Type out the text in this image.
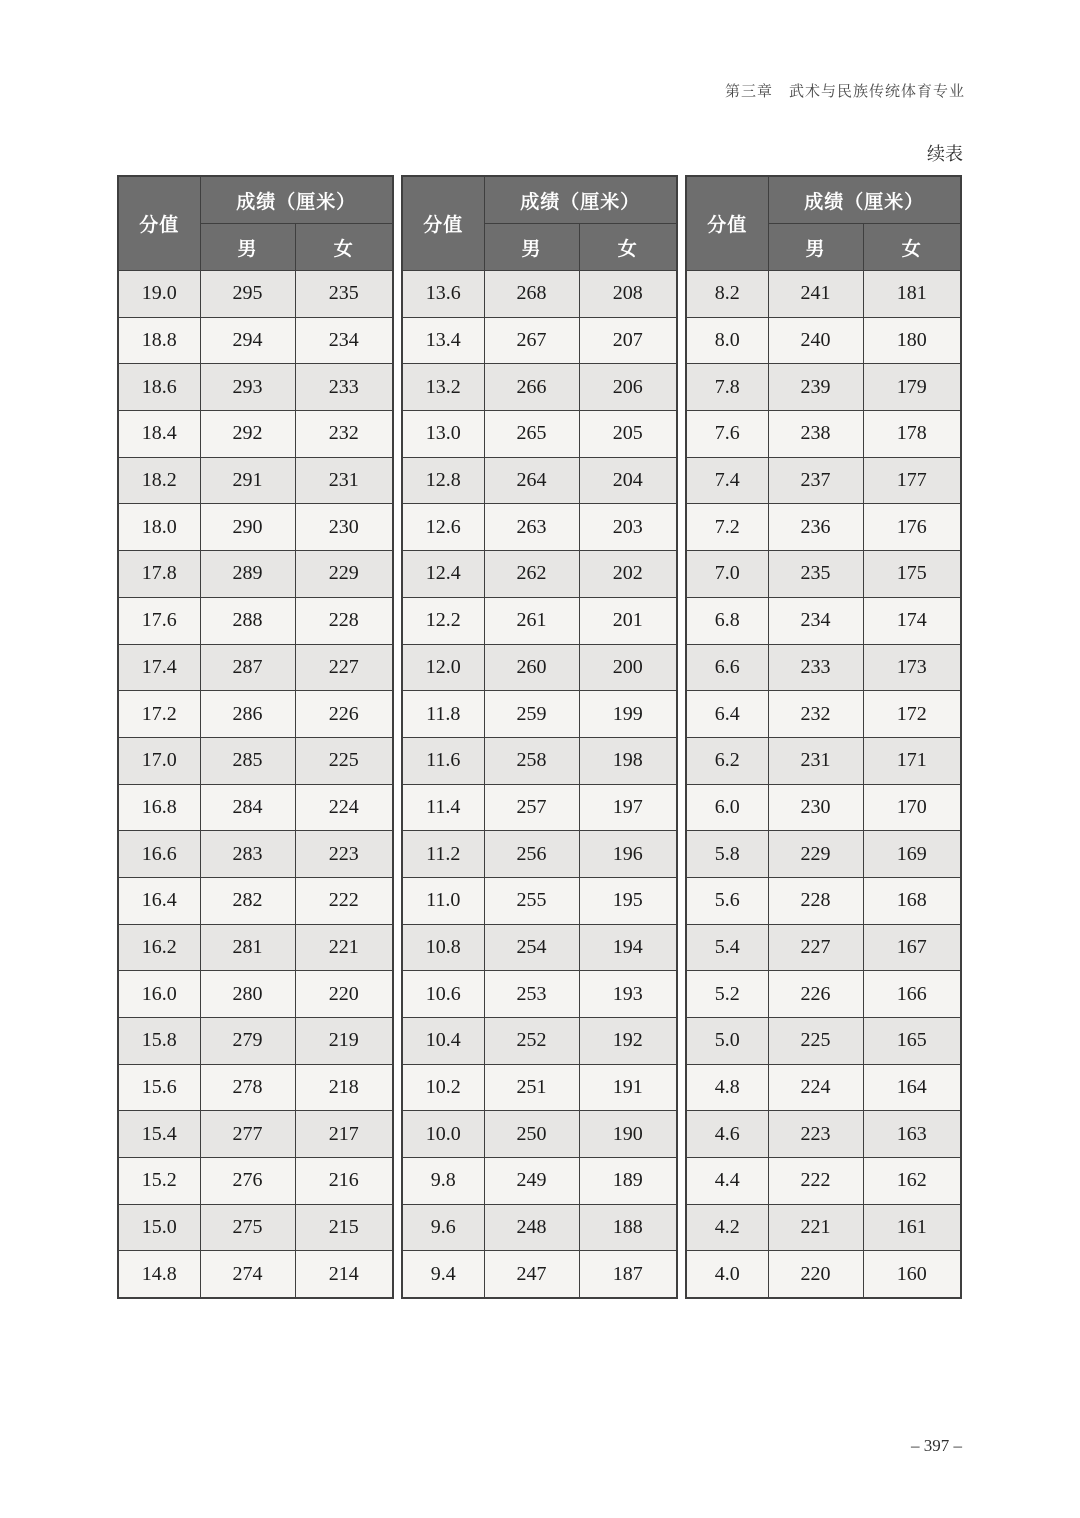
第三章　武术与民族传统体育专业
续表
分值	成绩（厘米）	
	男	女
19.0	295	235
18.8	294	234
18.6	293	233
18.4	292	232
18.2	291	231
18.0	290	230
17.8	289	229
17.6	288	228
17.4	287	227
17.2	286	226
17.0	285	225
16.8	284	224
16.6	283	223
16.4	282	222
16.2	281	221
16.0	280	220
15.8	279	219
15.6	278	218
15.4	277	217
15.2	276	216
15.0	275	215
14.8	274	214
分值	成绩（厘米）	
	男	女
13.6	268	208
13.4	267	207
13.2	266	206
13.0	265	205
12.8	264	204
12.6	263	203
12.4	262	202
12.2	261	201
12.0	260	200
11.8	259	199
11.6	258	198
11.4	257	197
11.2	256	196
11.0	255	195
10.8	254	194
10.6	253	193
10.4	252	192
10.2	251	191
10.0	250	190
9.8	249	189
9.6	248	188
9.4	247	187
分值	成绩（厘米）	
	男	女
8.2	241	181
8.0	240	180
7.8	239	179
7.6	238	178
7.4	237	177
7.2	236	176
7.0	235	175
6.8	234	174
6.6	233	173
6.4	232	172
6.2	231	171
6.0	230	170
5.8	229	169
5.6	228	168
5.4	227	167
5.2	226	166
5.0	225	165
4.8	224	164
4.6	223	163
4.4	222	162
4.2	221	161
4.0	220	160
– 397 –
